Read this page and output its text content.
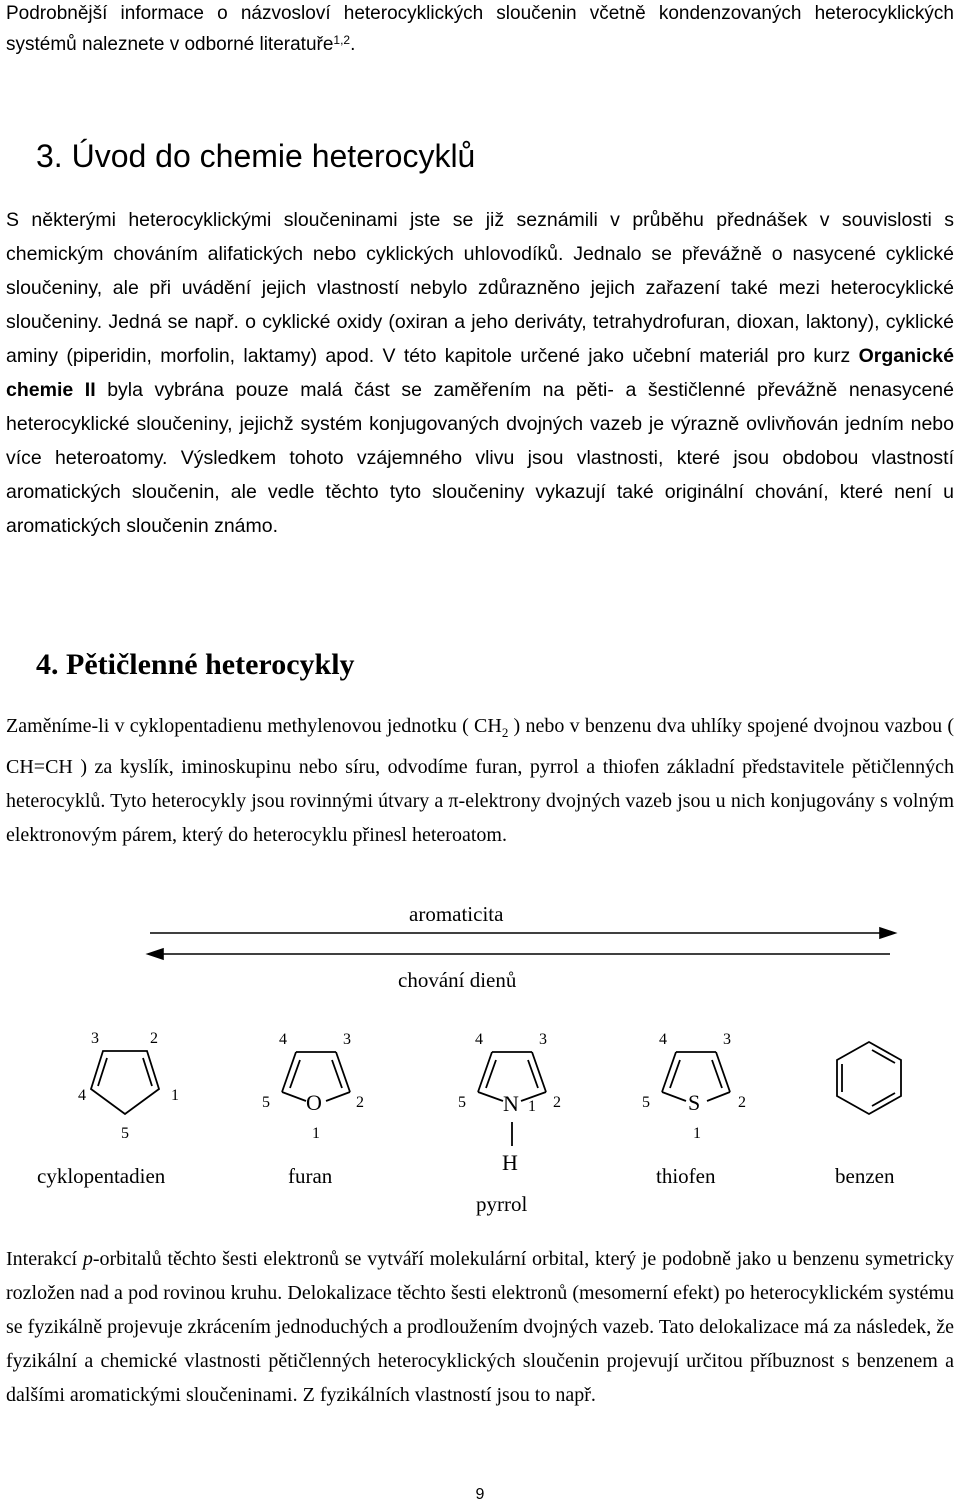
Podrobnější informace o názvosloví heterocyklických sloučenin včetně kondenzovaných heterocyklických systémů naleznete v odborné literatuře$^{1,2}$.

3. Úvod do chemie heterocyklů

S některými heterocyklickými sloučeninami jste se již seznámili v průběhu přednášek v souvislosti s chemickým chováním alifatických nebo cyklických uhlovodíků. Jednalo se převážně o nasycené cyklické sloučeniny, ale při uvádění jejich vlastností nebylo zdůrazněno jejich zařazení také mezi heterocyklické sloučeniny. Jedná se např. o cyklické oxidy (oxiran a jeho deriváty, tetrahydrofuran, dioxan, laktony), cyklické aminy (piperidin, morfolin, laktamy) apod. V této kapitole určené jako učební materiál pro kurz Organické chemie II byla vybrána pouze malá část se zaměřením na pěti- a šestičlenné převážně nenasycené heterocyklické sloučeniny, jejichž systém konjugovaných dvojných vazeb je výrazně ovlivňován jedním nebo více heteroatomy. Výsledkem tohoto vzájemného vlivu jsou vlastnosti, které jsou obdobou vlastností aromatických sloučenin, ale vedle těchto tyto sloučeniny vykazují také originální chování, které není u aromatických sloučenin známo.

4. Pětičlenné heterocykly

Zaměníme-li v cyklopentadienu methylenovou jednotku ( $CH_2$ ) nebo v benzenu dva uhlíky spojené dvojnou vazbou ( CH=CH ) za kyslík, iminoskupinu nebo síru, odvodíme furan, pyrrol a thiofen základní představitele pětičlenných heterocyklů. Tyto heterocykly jsou rovinnými útvary a π-elektrony dvojných vazeb jsou u nich konjugovány s volným elektronovým párem, který do heterocyklu přinesl heteroatom.

aromaticita
chování dienů
3	2
4	1
5
4	3
5 O 2
1
4	3
5 N 1 2
H
4	3
5 S 2
1
cyklopentadien	furan
pyrrol
thiofen	benzen

Interakcí p-orbitalů těchto šesti elektronů se vytváří molekulární orbital, který je podobně jako u benzenu symetricky rozložen nad a pod rovinou kruhu. Delokalizace těchto šesti elektronů (mesomerní efekt) po heterocyklickém systému se fyzikálně projevuje zkrácením jednoduchých a prodloužením dvojných vazeb. Tato delokalizace má za následek, že fyzikální a chemické vlastnosti pětičlenných heterocyklických sloučenin projevují určitou příbuznost s benzenem a dalšími aromatickými sloučeninami. Z fyzikálních vlastností jsou to např.

9
